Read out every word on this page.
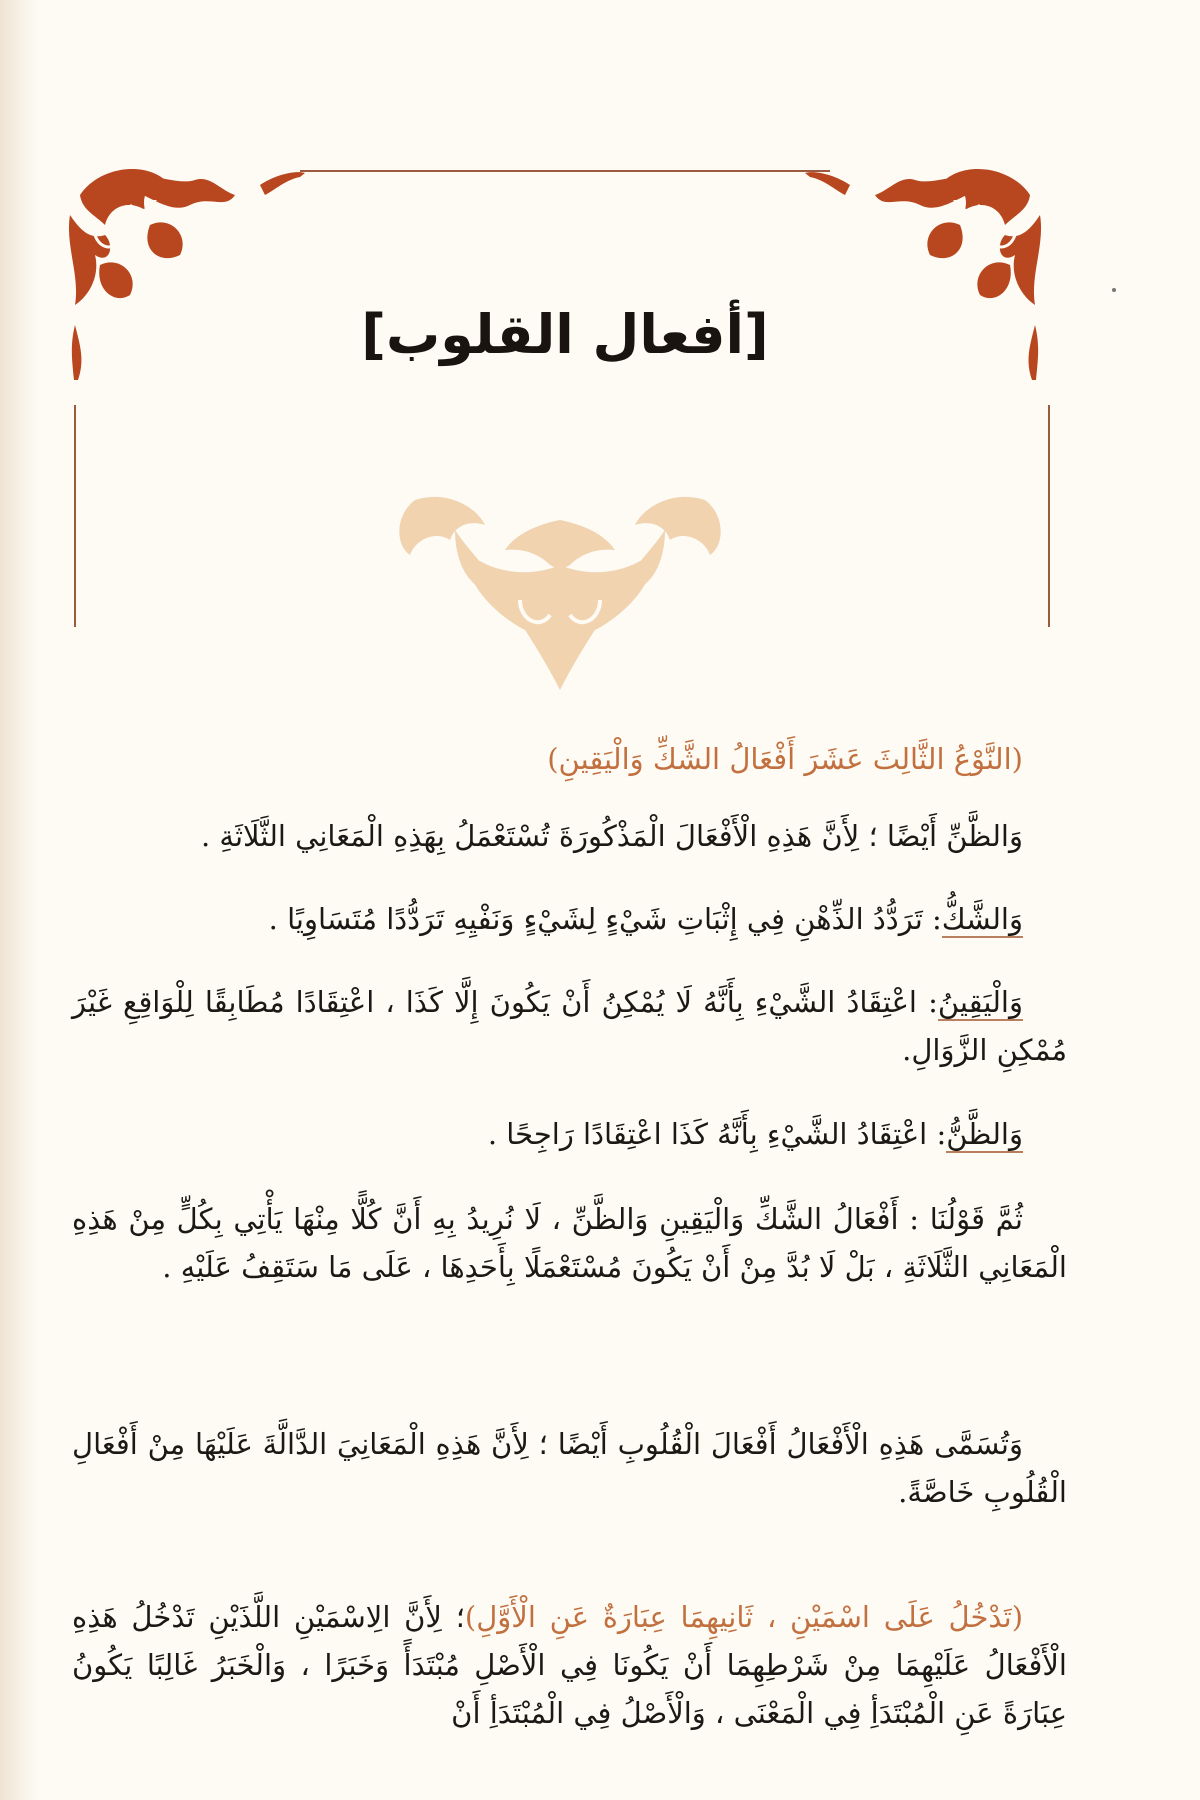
[أفعال القلوب]
(النَّوْعُ الثَّالِثَ عَشَرَ أَفْعَالُ الشَّكِّ وَالْيَقِينِ)
وَالظَّنِّ أَيْضًا ؛ لِأَنَّ هَذِهِ الْأَفْعَالَ الْمَذْكُورَةَ تُسْتَعْمَلُ بِهَذِهِ الْمَعَانِي الثَّلَاثَةِ .
وَالشَّكُّ: تَرَدُّدُ الذِّهْنِ فِي إِثْبَاتِ شَيْءٍ لِشَيْءٍ وَنَفْيِهِ تَرَدُّدًا مُتَسَاوِيًا .
وَالْيَقِينُ: اعْتِقَادُ الشَّيْءِ بِأَنَّهُ لَا يُمْكِنُ أَنْ يَكُونَ إِلَّا كَذَا ، اعْتِقَادًا مُطَابِقًا لِلْوَاقِعِ غَيْرَ مُمْكِنِ الزَّوَالِ.
وَالظَّنُّ: اعْتِقَادُ الشَّيْءِ بِأَنَّهُ كَذَا اعْتِقَادًا رَاجِحًا .
ثُمَّ قَوْلُنَا : أَفْعَالُ الشَّكِّ وَالْيَقِينِ وَالظَّنِّ ، لَا نُرِيدُ بِهِ أَنَّ كُلًّا مِنْهَا يَأْتِي بِكُلٍّ مِنْ هَذِهِ الْمَعَانِي الثَّلَاثَةِ ، بَلْ لَا بُدَّ مِنْ أَنْ يَكُونَ مُسْتَعْمَلًا بِأَحَدِهَا ، عَلَى مَا سَتَقِفُ عَلَيْهِ .
وَتُسَمَّى هَذِهِ الْأَفْعَالُ أَفْعَالَ الْقُلُوبِ أَيْضًا ؛ لِأَنَّ هَذِهِ الْمَعَانِيَ الدَّالَّةَ عَلَيْهَا مِنْ أَفْعَالِ الْقُلُوبِ خَاصَّةً.
(تَدْخُلُ عَلَى اسْمَيْنِ ، ثَانِيهِمَا عِبَارَةٌ عَنِ الْأَوَّلِ)؛ لِأَنَّ الِاسْمَيْنِ اللَّذَيْنِ تَدْخُلُ هَذِهِ الْأَفْعَالُ عَلَيْهِمَا مِنْ شَرْطِهِمَا أَنْ يَكُونَا فِي الْأَصْلِ مُبْتَدَأً وَخَبَرًا ، وَالْخَبَرُ غَالِبًا يَكُونُ عِبَارَةً عَنِ الْمُبْتَدَأِ فِي الْمَعْنَى ، وَالْأَصْلُ فِي الْمُبْتَدَأِ أَنْ
